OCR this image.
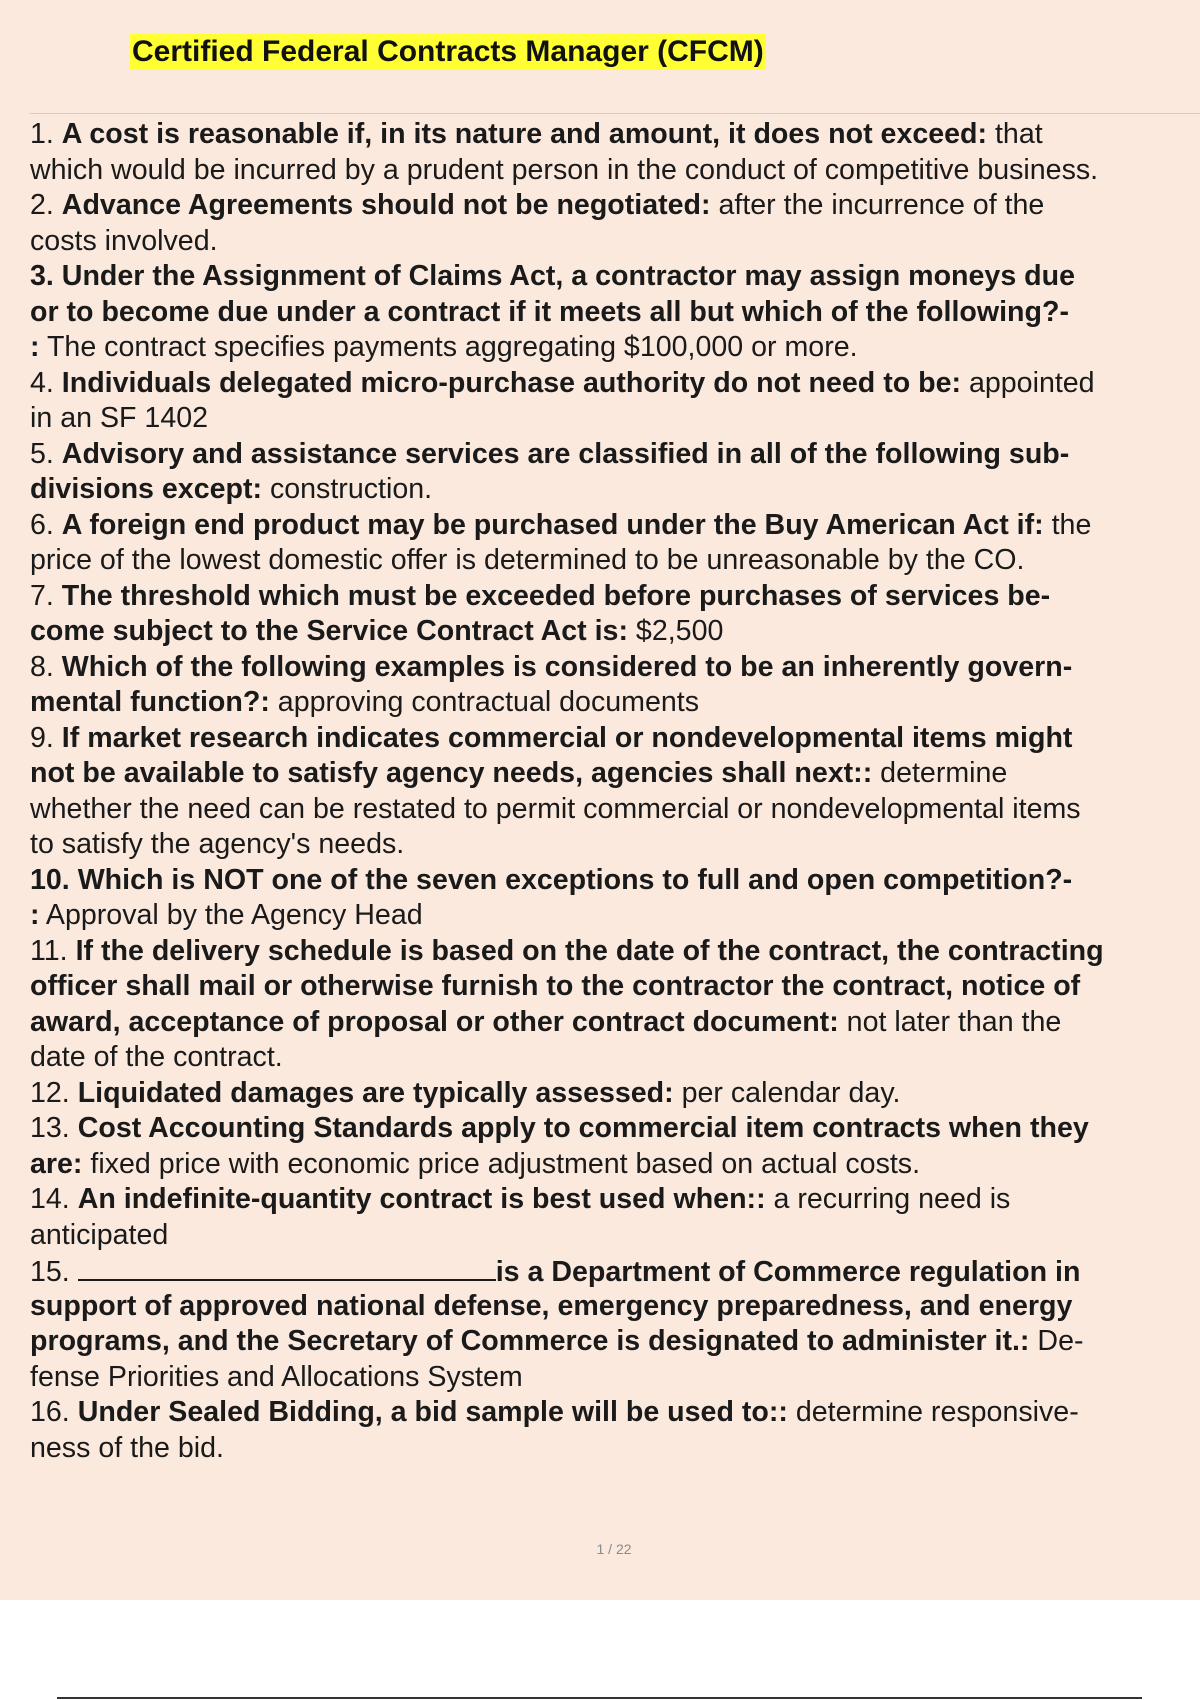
Certified Federal Contracts Manager (CFCM)
1. A cost is reasonable if, in its nature and amount, it does not exceed: that
which would be incurred by a prudent person in the conduct of competitive business.
2. Advance Agreements should not be negotiated: after the incurrence of the
costs involved.
3. Under the Assignment of Claims Act, a contractor may assign moneys due
or to become due under a contract if it meets all but which of the following?-
: The contract specifies payments aggregating $100,000 or more.
4. Individuals delegated micro-purchase authority do not need to be: appointed
in an SF 1402
5. Advisory and assistance services are classified in all of the following sub-
divisions except: construction.
6. A foreign end product may be purchased under the Buy American Act if: the
price of the lowest domestic offer is determined to be unreasonable by the CO.
7. The threshold which must be exceeded before purchases of services be-
come subject to the Service Contract Act is: $2,500
8. Which of the following examples is considered to be an inherently govern-
mental function?: approving contractual documents
9. If market research indicates commercial or nondevelopmental items might
not be available to satisfy agency needs, agencies shall next:: determine
whether the need can be restated to permit commercial or nondevelopmental items
to satisfy the agency's needs.
10. Which is NOT one of the seven exceptions to full and open competition?-
: Approval by the Agency Head
11. If the delivery schedule is based on the date of the contract, the contracting
officer shall mail or otherwise furnish to the contractor the contract, notice of
award, acceptance of proposal or other contract document: not later than the
date of the contract.
12. Liquidated damages are typically assessed: per calendar day.
13. Cost Accounting Standards apply to commercial item contracts when they
are: fixed price with economic price adjustment based on actual costs.
14. An indefinite-quantity contract is best used when:: a recurring need is
anticipated
15.	is a Department of Commerce regulation in
support of approved national defense, emergency preparedness, and energy
programs, and the Secretary of Commerce is designated to administer it.: De-
fense Priorities and Allocations System
16. Under Sealed Bidding, a bid sample will be used to:: determine responsive-
ness of the bid.
1 / 22
